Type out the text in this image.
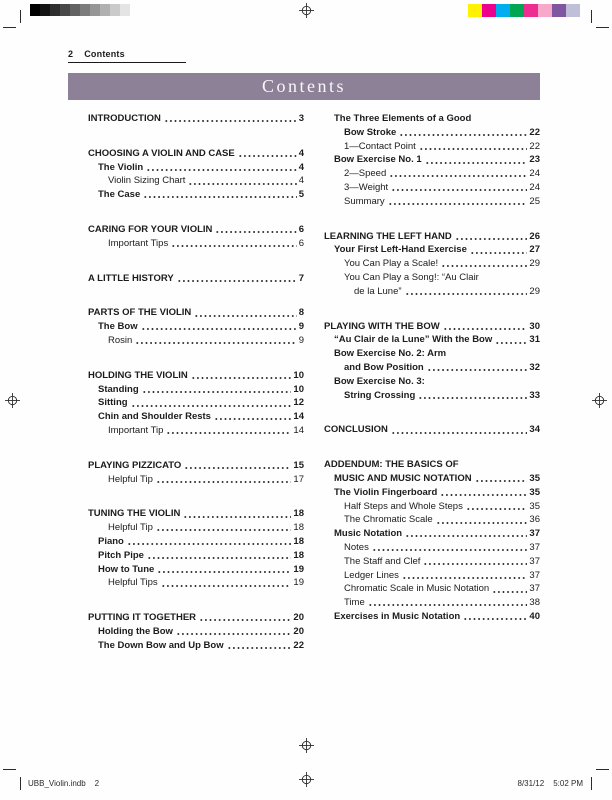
2 Contents
Contents
INTRODUCTION	3
CHOOSING A VIOLIN AND CASE	4
The Violin	4
Violin Sizing Chart	4
The Case	5
CARING FOR YOUR VIOLIN	6
Important Tips	6
A LITTLE HISTORY	7
PARTS OF THE VIOLIN	8
The Bow	9
Rosin	9
HOLDING THE VIOLIN	10
Standing	10
Sitting	12
Chin and Shoulder Rests	14
Important Tip	14
PLAYING PIZZICATO	15
Helpful Tip	17
TUNING THE VIOLIN	18
Helpful Tip	18
Piano	18
Pitch Pipe	18
How to Tune	19
Helpful Tips	19
PUTTING IT TOGETHER	20
Holding the Bow	20
The Down Bow and Up Bow	22
The Three Elements of a Good
Bow Stroke	22
1—Contact Point	22
Bow Exercise No. 1	23
2—Speed	24
3—Weight	24
Summary	25
LEARNING THE LEFT HAND	26
Your First Left-Hand Exercise	27
You Can Play a Scale!	29
You Can Play a Song!: “Au Clair
de la Lune”	29
PLAYING WITH THE BOW	30
“Au Clair de la Lune” With the Bow	31
Bow Exercise No. 2: Arm
and Bow Position	32
Bow Exercise No. 3:
String Crossing	33
CONCLUSION	34
ADDENDUM: THE BASICS OF
MUSIC AND MUSIC NOTATION	35
The Violin Fingerboard	35
Half Steps and Whole Steps	35
The Chromatic Scale	36
Music Notation	37
Notes	37
The Staff and Clef	37
Ledger Lines	37
Chromatic Scale in Music Notation	37
Time	38
Exercises in Music Notation	40
UBB_Violin.indb 2	8/31/12 5:02 PM
